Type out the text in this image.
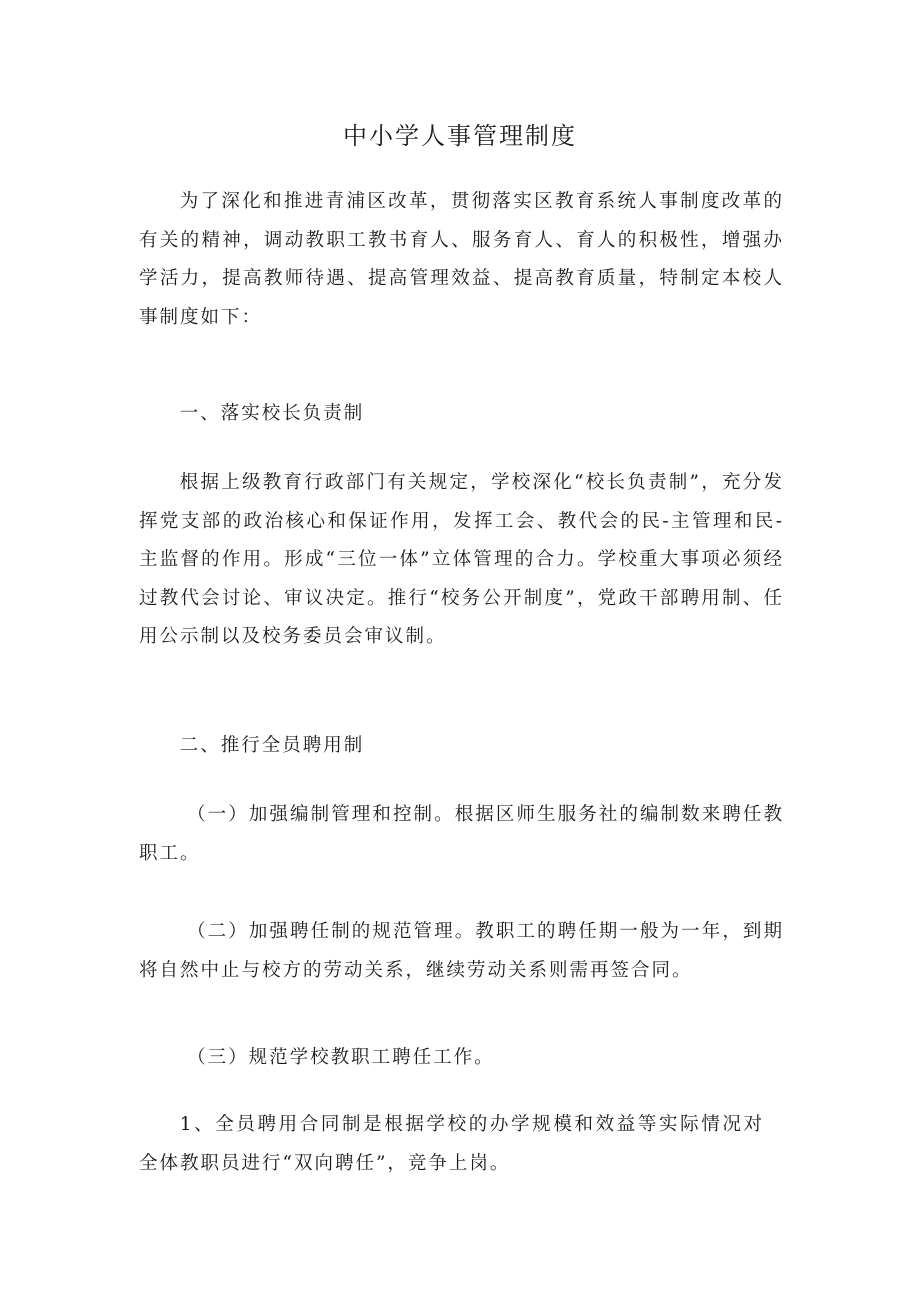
中小学人事管理制度

为了深化和推进青浦区改革，贯彻落实区教育系统人事制度改革的有关的精神，调动教职工教书育人、服务育人、育人的积极性，增强办学活力，提高教师待遇、提高管理效益、提高教育质量，特制定本校人事制度如下：

一、落实校长负责制

根据上级教育行政部门有关规定，学校深化“校长负责制”，充分发挥党支部的政治核心和保证作用，发挥工会、教代会的民-主管理和民-主监督的作用。形成“三位一体”立体管理的合力。学校重大事项必须经过教代会讨论、审议决定。推行“校务公开制度”，党政干部聘用制、任用公示制以及校务委员会审议制。

二、推行全员聘用制

（一）加强编制管理和控制。根据区师生服务社的编制数来聘任教职工。

（二）加强聘任制的规范管理。教职工的聘任期一般为一年，到期将自然中止与校方的劳动关系，继续劳动关系则需再签合同。

（三）规范学校教职工聘任工作。

1、全员聘用合同制是根据学校的办学规模和效益等实际情况对全体教职员进行“双向聘任”，竞争上岗。
